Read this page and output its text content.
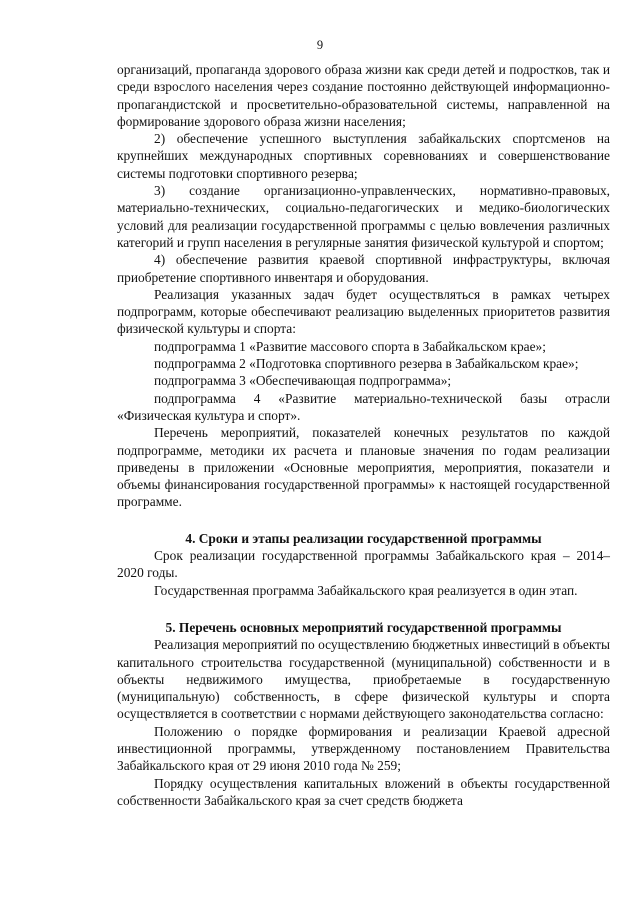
9

организаций, пропаганда здорового образа жизни как среди детей и подростков, так и среди взрослого населения через создание постоянно действующей информационно-пропагандистской и просветительно-образовательной системы, направленной на формирование здорового образа жизни населения;

2) обеспечение успешного выступления забайкальских спортсменов на крупнейших международных спортивных соревнованиях и совершенствование системы подготовки спортивного резерва;

3) создание организационно-управленческих, нормативно-правовых, материально-технических, социально-педагогических и медико-биологических условий для реализации государственной программы с целью вовлечения различных категорий и групп населения в регулярные занятия физической культурой и спортом;

4) обеспечение развития краевой спортивной инфраструктуры, включая приобретение спортивного инвентаря и оборудования.

Реализация указанных задач будет осуществляться в рамках четырех подпрограмм, которые обеспечивают реализацию выделенных приоритетов развития физической культуры и спорта:

подпрограмма 1 «Развитие массового спорта в Забайкальском крае»;

подпрограмма 2 «Подготовка спортивного резерва в Забайкальском крае»;

подпрограмма 3 «Обеспечивающая подпрограмма»;

подпрограмма 4 «Развитие материально-технической базы отрасли «Физическая культура и спорт».

Перечень мероприятий, показателей конечных результатов по каждой подпрограмме, методики их расчета и плановые значения по годам реализации приведены в приложении «Основные мероприятия, мероприятия, показатели и объемы финансирования государственной программы» к настоящей государственной программе.

4. Сроки и этапы реализации государственной программы

Срок реализации государственной программы Забайкальского края – 2014–2020 годы.

Государственная программа Забайкальского края реализуется в один этап.

5. Перечень основных мероприятий государственной программы

Реализация мероприятий по осуществлению бюджетных инвестиций в объекты капитального строительства государственной (муниципальной) собственности и в объекты недвижимого имущества, приобретаемые в государственную (муниципальную) собственность, в сфере физической культуры и спорта осуществляется в соответствии с нормами действующего законодательства согласно:

Положению о порядке формирования и реализации Краевой адресной инвестиционной программы, утвержденному постановлением Правительства Забайкальского края от 29 июня 2010 года № 259;

Порядку осуществления капитальных вложений в объекты государственной собственности Забайкальского края за счет средств бюджета
